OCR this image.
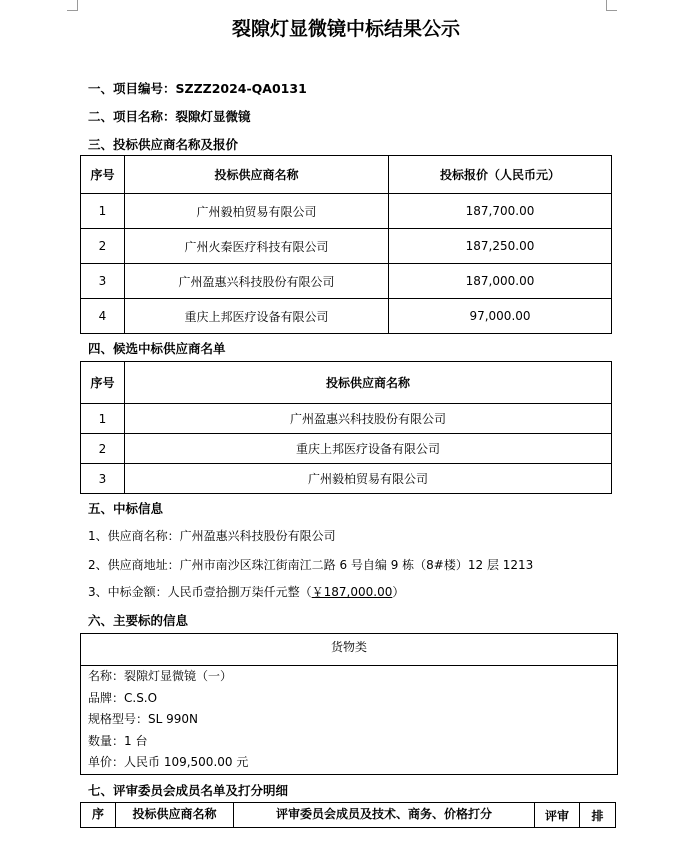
裂隙灯显微镜中标结果公示
一、项目编号：SZZZ2024-QA0131
二、项目名称：裂隙灯显微镜
三、投标供应商名称及报价
序号	投标供应商名称	投标报价（人民币元）
1	广州毅柏贸易有限公司	187,700.00
2	广州火秦医疗科技有限公司	187,250.00
3	广州盈惠兴科技股份有限公司	187,000.00
4	重庆上邦医疗设备有限公司	97,000.00
四、候选中标供应商名单
序号	投标供应商名称
1	广州盈惠兴科技股份有限公司
2	重庆上邦医疗设备有限公司
3	广州毅柏贸易有限公司
五、中标信息
1、供应商名称：广州盈惠兴科技股份有限公司
2、供应商地址：广州市南沙区珠江街南江二路 6 号自编 9 栋（8#楼）12 层 1213
3、中标金额：人民币壹拾捌万柒仟元整（￥187,000.00）
六、主要标的信息
货物类
名称：裂隙灯显微镜（一）
品牌：C.S.O
规格型号：SL 990N
数量：1 台
单价：人民币 109,500.00 元
七、评审委员会成员名单及打分明细
序	投标供应商名称	评审委员会成员及技术、商务、价格打分	评审	排
